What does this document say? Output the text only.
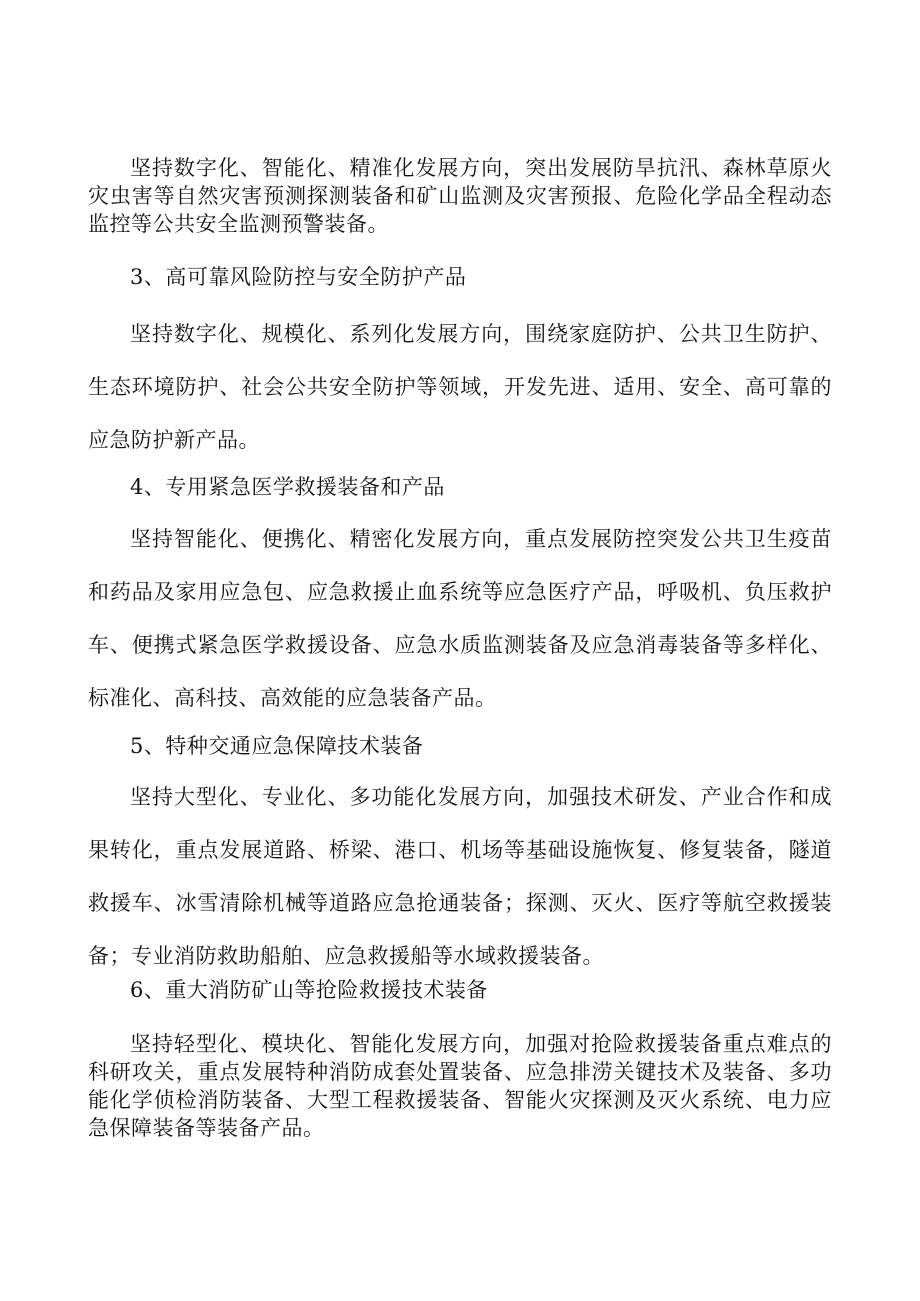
坚持数字化、智能化、精准化发展方向，突出发展防旱抗汛、森林草原火灾虫害等自然灾害预测探测装备和矿山监测及灾害预报、危险化学品全程动态监控等公共安全监测预警装备。

3、高可靠风险防控与安全防护产品

坚持数字化、规模化、系列化发展方向，围绕家庭防护、公共卫生防护、生态环境防护、社会公共安全防护等领域，开发先进、适用、安全、高可靠的应急防护新产品。

4、专用紧急医学救援装备和产品

坚持智能化、便携化、精密化发展方向，重点发展防控突发公共卫生疫苗和药品及家用应急包、应急救援止血系统等应急医疗产品，呼吸机、负压救护车、便携式紧急医学救援设备、应急水质监测装备及应急消毒装备等多样化、标准化、高科技、高效能的应急装备产品。

5、特种交通应急保障技术装备

坚持大型化、专业化、多功能化发展方向，加强技术研发、产业合作和成果转化，重点发展道路、桥梁、港口、机场等基础设施恢复、修复装备，隧道救援车、冰雪清除机械等道路应急抢通装备；探测、灭火、医疗等航空救援装备；专业消防救助船舶、应急救援船等水域救援装备。

6、重大消防矿山等抢险救援技术装备

坚持轻型化、模块化、智能化发展方向，加强对抢险救援装备重点难点的科研攻关，重点发展特种消防成套处置装备、应急排涝关键技术及装备、多功能化学侦检消防装备、大型工程救援装备、智能火灾探测及灭火系统、电力应急保障装备等装备产品。
